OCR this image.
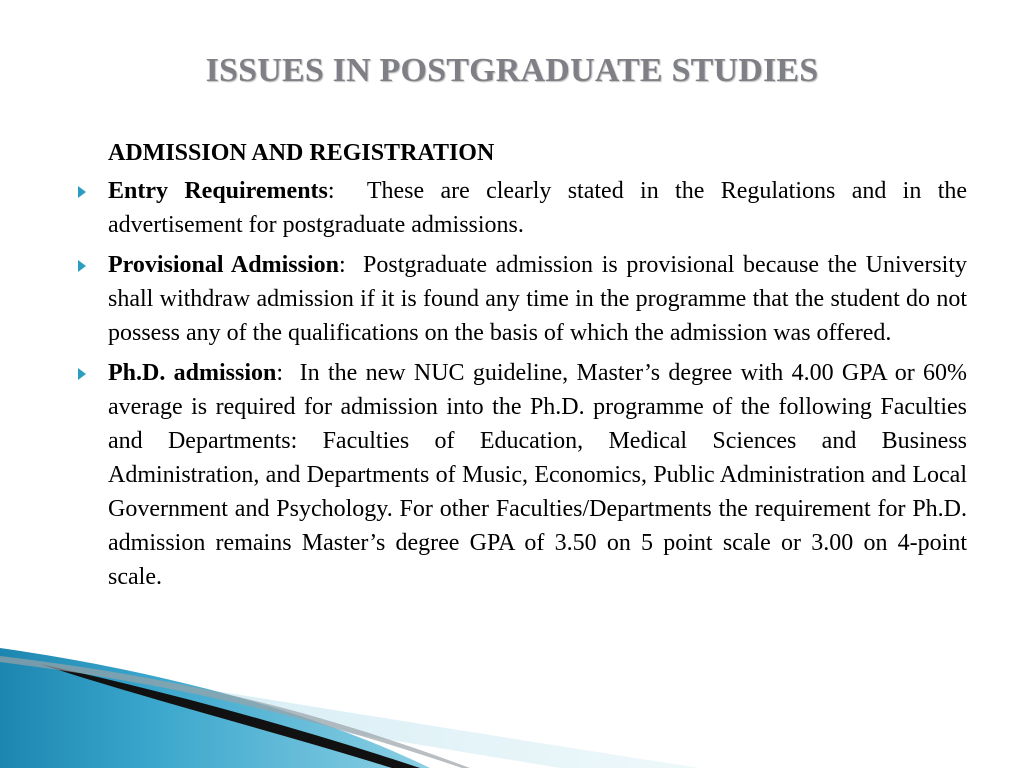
ISSUES IN POSTGRADUATE STUDIES
ADMISSION AND REGISTRATION
Entry Requirements:  These are clearly stated in the Regulations and in the advertisement for postgraduate admissions.
Provisional Admission:  Postgraduate admission is provisional because the University shall withdraw admission if it is found any time in the programme that the student do not possess any of the qualifications on the basis of which the admission was offered.
Ph.D. admission:  In the new NUC guideline, Master’s degree with 4.00 GPA or 60% average is required for admission into the Ph.D. programme of the following Faculties and Departments: Faculties of Education, Medical Sciences and Business Administration, and Departments of Music, Economics, Public Administration and Local Government and Psychology. For other Faculties/Departments the requirement for Ph.D. admission remains Master’s degree GPA of 3.50 on 5 point scale or 3.00 on 4-point scale.
